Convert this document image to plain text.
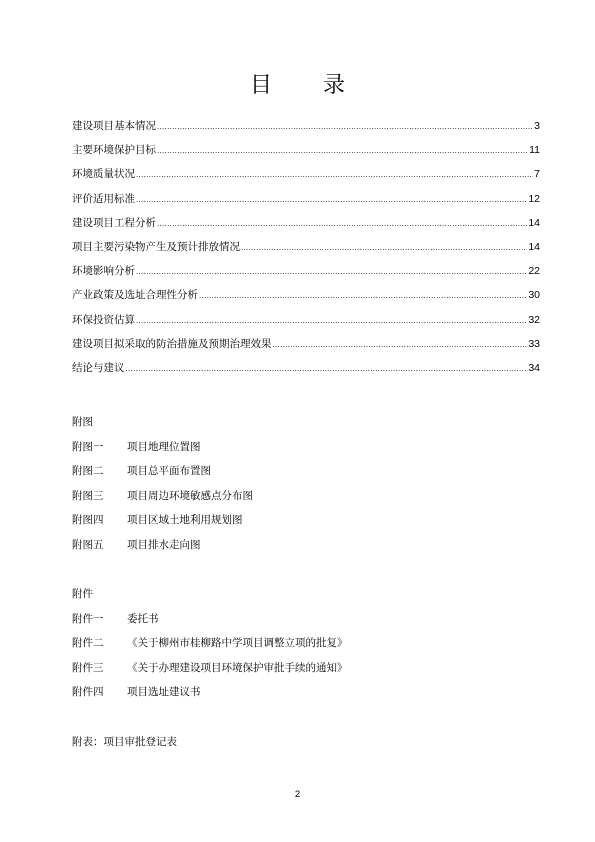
目 录
建设项目基本情况 .....	3
主要环境保护目标 .....	11
环境质量状况 .....	7
评价适用标准 .....	12
建设项目工程分析 .....	14
项目主要污染物产生及预计排放情况 .....	14
环境影响分析 .....	22
产业政策及选址合理性分析 .....	30
环保投资估算 .....	32
建设项目拟采取的防治措施及预期治理效果 .....	33
结论与建议 .....	34
附图
附图一	项目地理位置图
附图二	项目总平面布置图
附图三	项目周边环境敏感点分布图
附图四	项目区域土地利用规划图
附图五	项目排水走向图
附件
附件一	委托书
附件二	《关于柳州市桂柳路中学项目调整立项的批复》
附件三	《关于办理建设项目环境保护审批手续的通知》
附件四	项目选址建议书
附表：项目审批登记表
2
